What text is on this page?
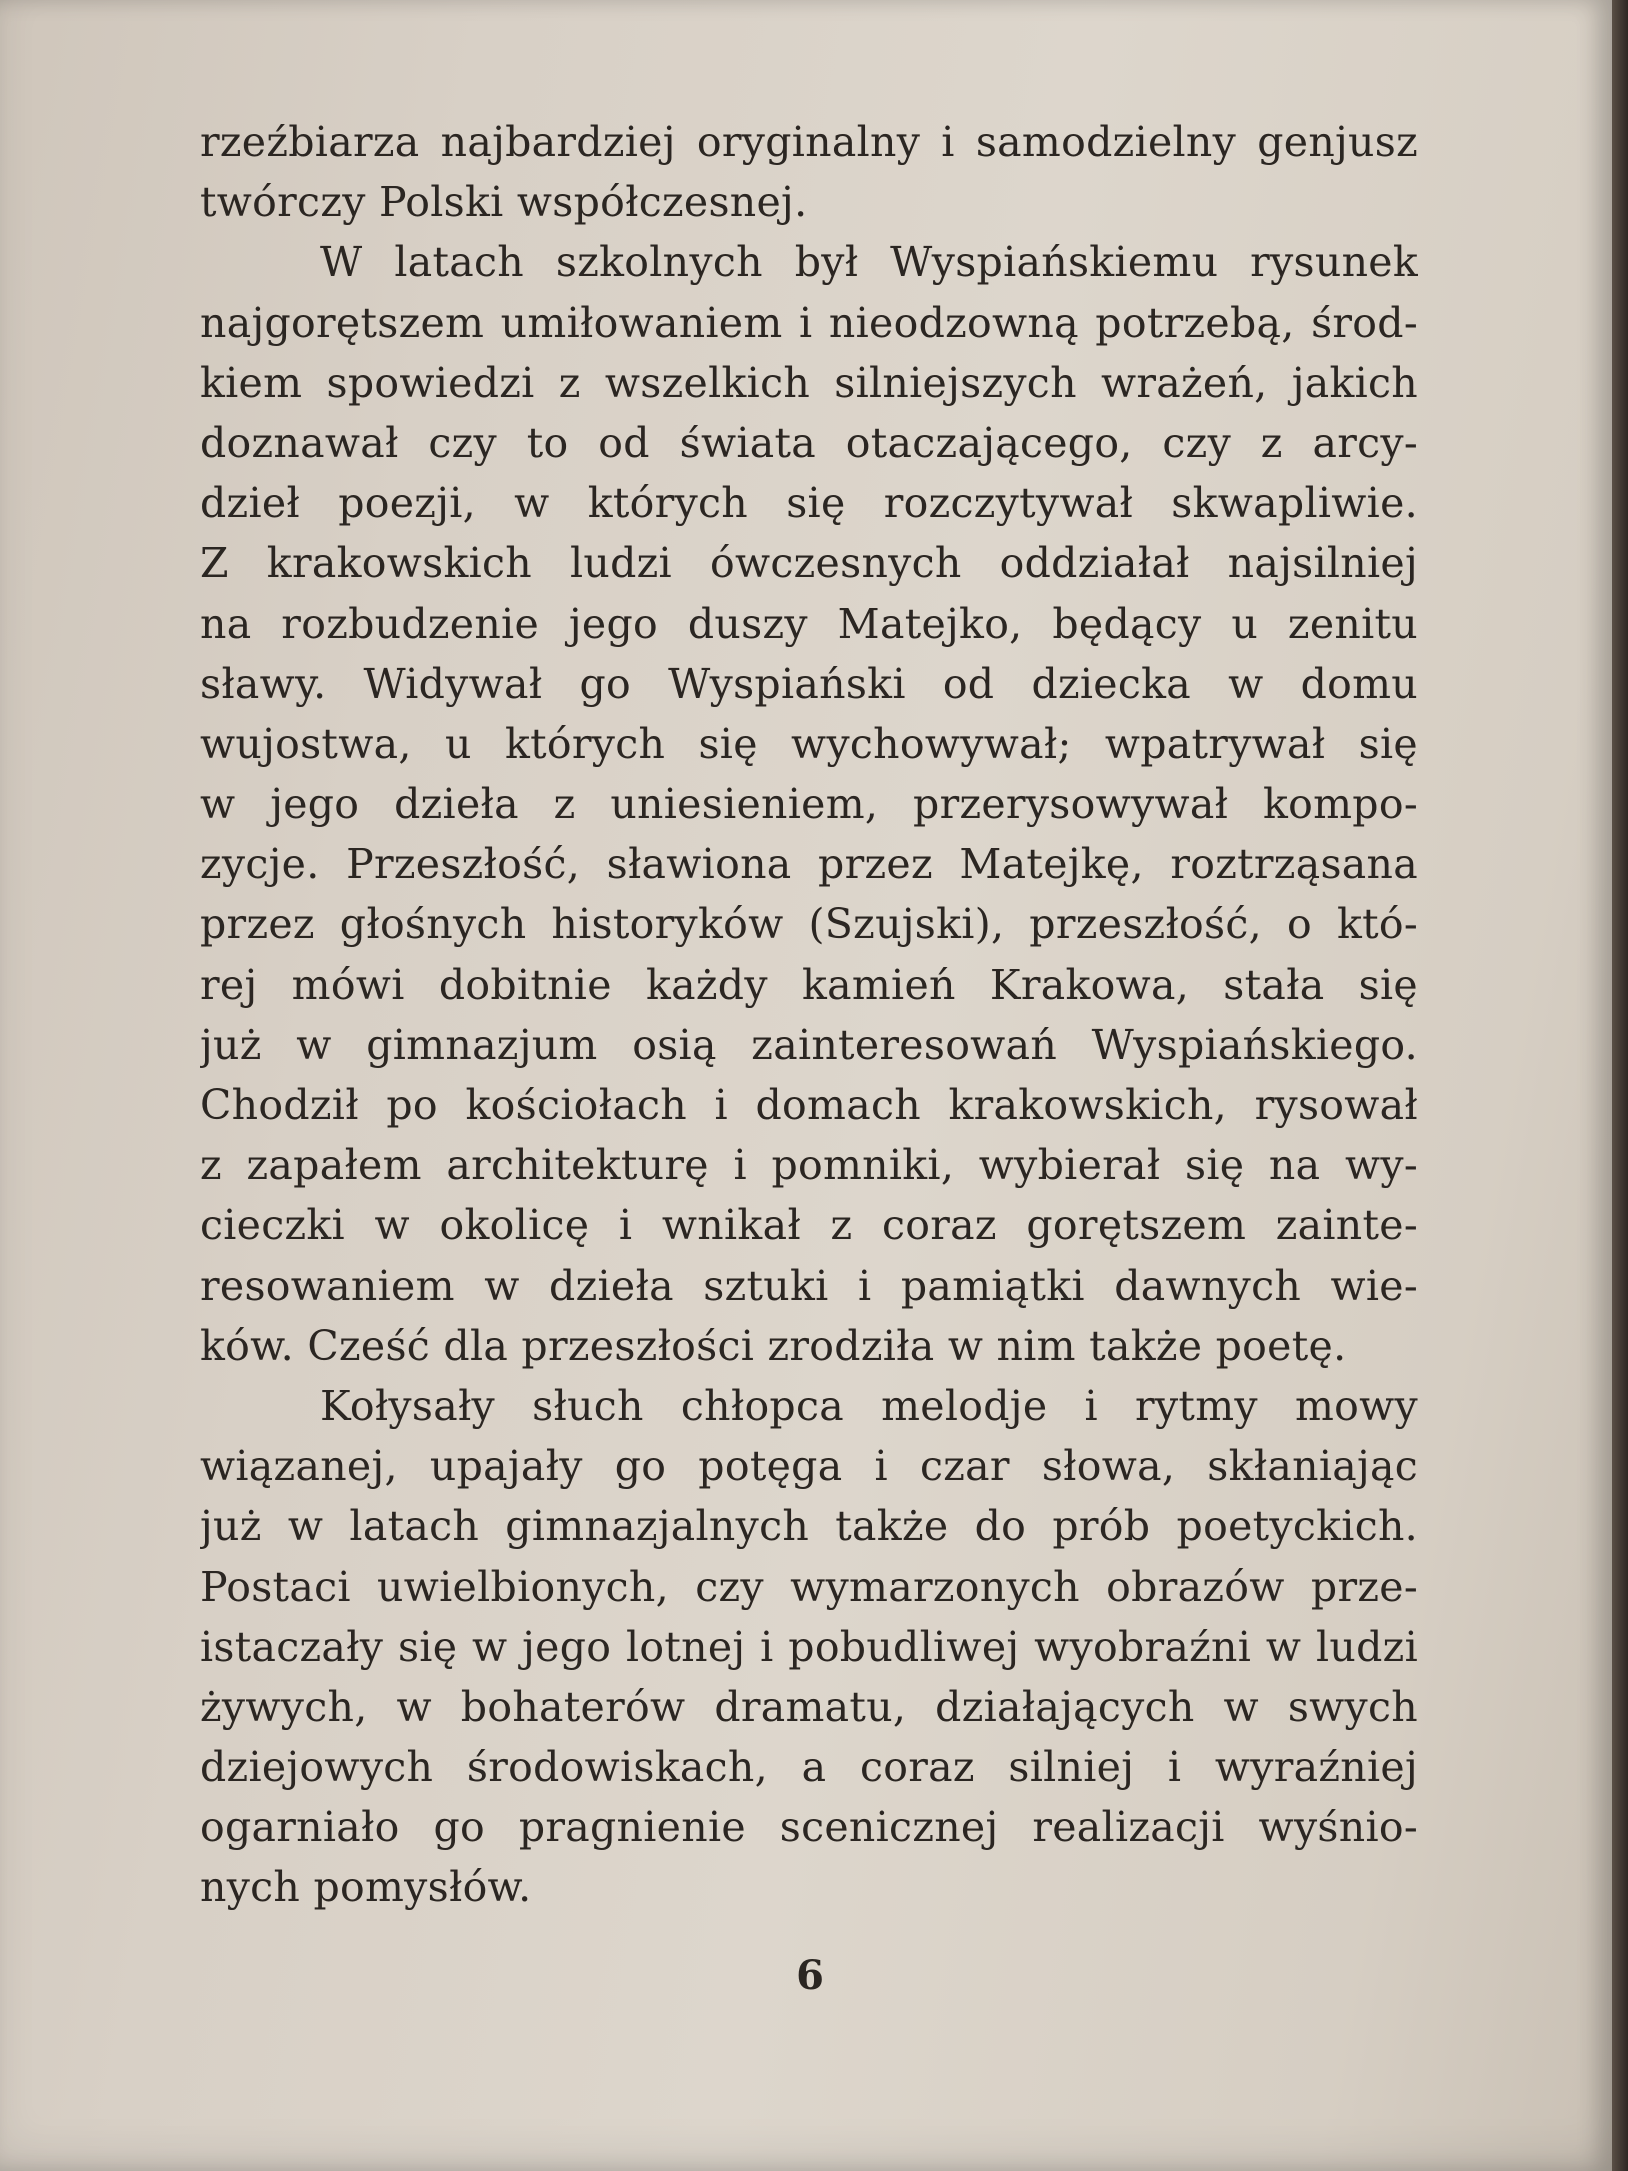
rzeźbiarza najbardziej oryginalny i samodzielny genjusz
twórczy Polski współczesnej.
W latach szkolnych był Wyspiańskiemu rysunek
najgorętszem umiłowaniem i nieodzowną potrzebą, środ-
kiem spowiedzi z wszelkich silniejszych wrażeń, jakich
doznawał czy to od świata otaczającego, czy z arcy-
dzieł poezji, w których się rozczytywał skwapliwie.
Z krakowskich ludzi ówczesnych oddziałał najsilniej
na rozbudzenie jego duszy Matejko, będący u zenitu
sławy. Widywał go Wyspiański od dziecka w domu
wujostwa, u których się wychowywał; wpatrywał się
w jego dzieła z uniesieniem, przerysowywał kompo-
zycje. Przeszłość, sławiona przez Matejkę, roztrząsana
przez głośnych historyków (Szujski), przeszłość, o któ-
rej mówi dobitnie każdy kamień Krakowa, stała się
już w gimnazjum osią zainteresowań Wyspiańskiego.
Chodził po kościołach i domach krakowskich, rysował
z zapałem architekturę i pomniki, wybierał się na wy-
cieczki w okolicę i wnikał z coraz gorętszem zainte-
resowaniem w dzieła sztuki i pamiątki dawnych wie-
ków. Cześć dla przeszłości zrodziła w nim także poetę.
Kołysały słuch chłopca melodje i rytmy mowy
wiązanej, upajały go potęga i czar słowa, skłaniając
już w latach gimnazjalnych także do prób poetyckich.
Postaci uwielbionych, czy wymarzonych obrazów prze-
istaczały się w jego lotnej i pobudliwej wyobraźni w ludzi
żywych, w bohaterów dramatu, działających w swych
dziejowych środowiskach, a coraz silniej i wyraźniej
ogarniało go pragnienie scenicznej realizacji wyśnio-
nych pomysłów.
6
